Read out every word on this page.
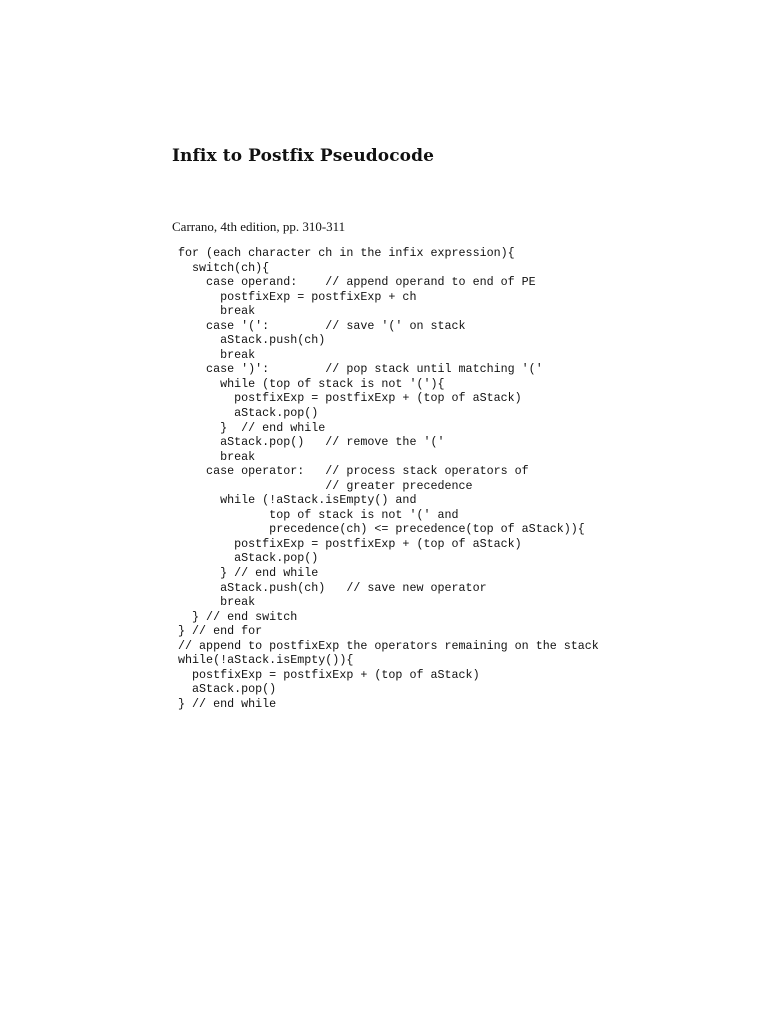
Infix to Postfix Pseudocode

Carrano, 4th edition, pp. 310-311

for (each character ch in the infix expression){
switch(ch){
case operand:    // append operand to end of PE
postfixExp = postfixExp + ch
break
case '(':        // save '(' on stack
aStack.push(ch)
break
case ')':        // pop stack until matching '('
while (top of stack is not '('){
postfixExp = postfixExp + (top of aStack)
aStack.pop()
}  // end while
aStack.pop()   // remove the '('
break
case operator:   // process stack operators of
// greater precedence
while (!aStack.isEmpty() and
top of stack is not '(' and
precedence(ch) <= precedence(top of aStack)){
postfixExp = postfixExp + (top of aStack)
aStack.pop()
} // end while
aStack.push(ch)   // save new operator
break
} // end switch
} // end for
// append to postfixExp the operators remaining on the stack
while(!aStack.isEmpty()){
postfixExp = postfixExp + (top of aStack)
aStack.pop()
} // end while
